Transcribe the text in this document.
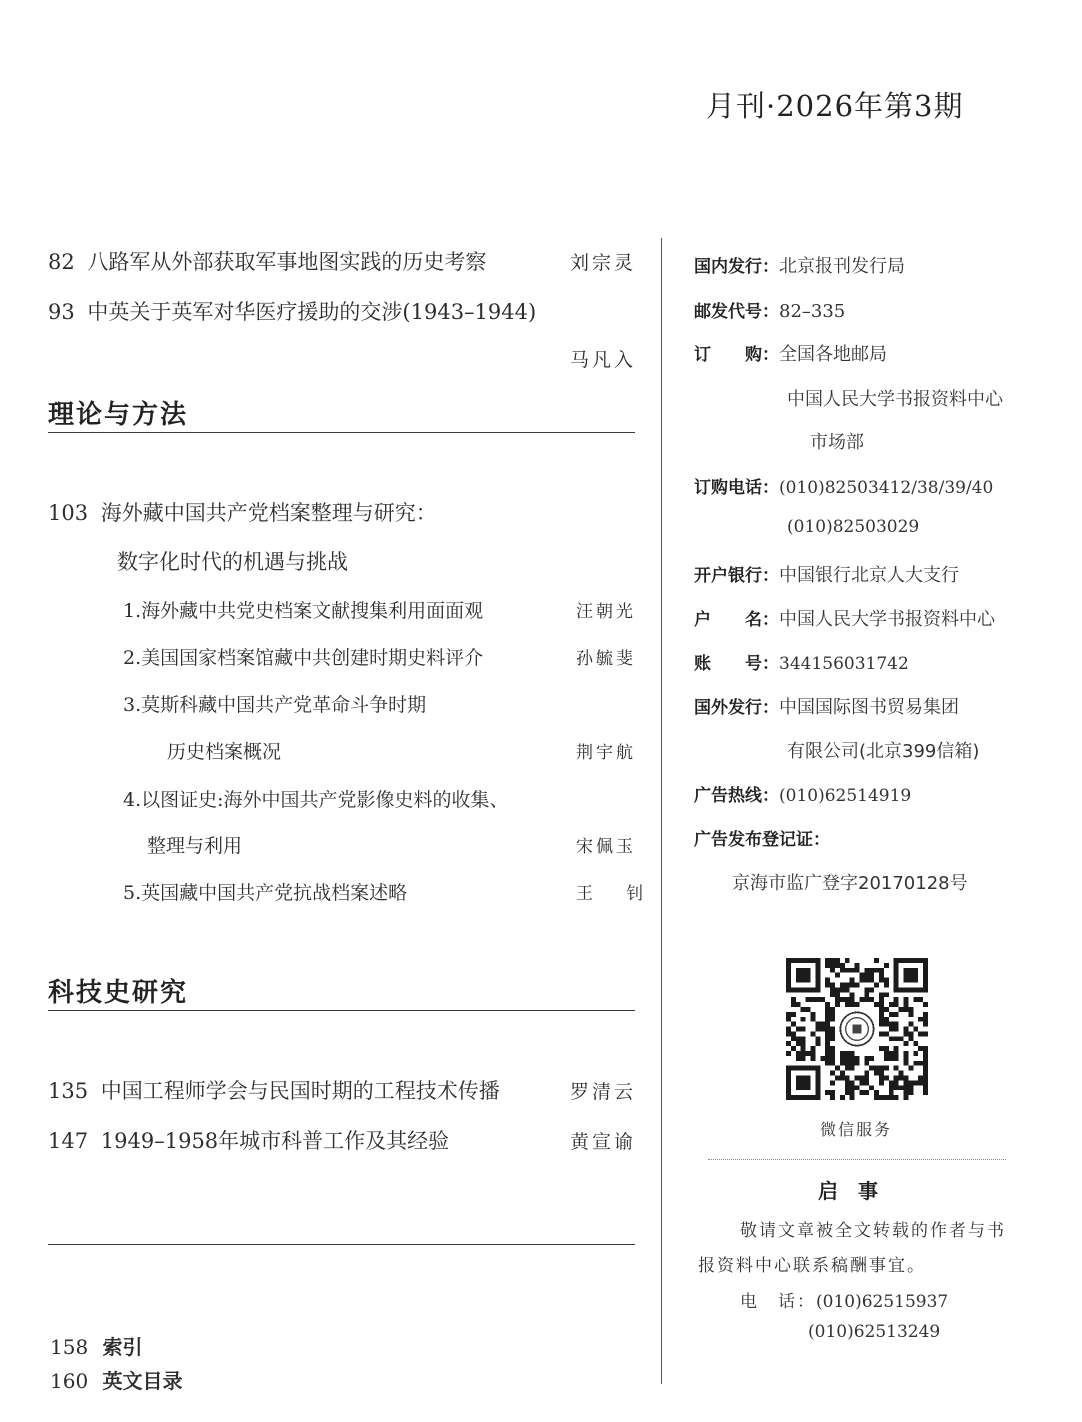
月刊·2026年第3期
82 八路军从外部获取军事地图实践的历史考察	刘宗灵
93 中英关于英军对华医疗援助的交涉(1943–1944)
马凡入
理论与方法
103 海外藏中国共产党档案整理与研究：
数字化时代的机遇与挑战
1.海外藏中共党史档案文献搜集利用面面观	汪朝光
2.美国国家档案馆藏中共创建时期史料评介	孙毓斐
3.莫斯科藏中国共产党革命斗争时期
历史档案概况	荆宇航
4.以图证史:海外中国共产党影像史料的收集、
整理与利用	宋佩玉
5.英国藏中国共产党抗战档案述略	王 钊
科技史研究
135 中国工程师学会与民国时期的工程技术传播	罗清云
147 1949–1958年城市科普工作及其经验	黄宣谕
158 索引
160 英文目录
国内发行：北京报刊发行局
邮发代号：82–335
订　　购：全国各地邮局
中国人民大学书报资料中心
市场部
订购电话：(010)82503412/38/39/40
(010)82503029
开户银行：中国银行北京人大支行
户　　名：中国人民大学书报资料中心
账　　号：344156031742
国外发行：中国国际图书贸易集团
有限公司(北京399信箱)
广告热线：(010)62514919
广告发布登记证：
京海市监广登字20170128号
微信服务
启事
敬请文章被全文转载的作者与书
报资料中心联系稿酬事宜。
电　话：(010)62515937
(010)62513249
